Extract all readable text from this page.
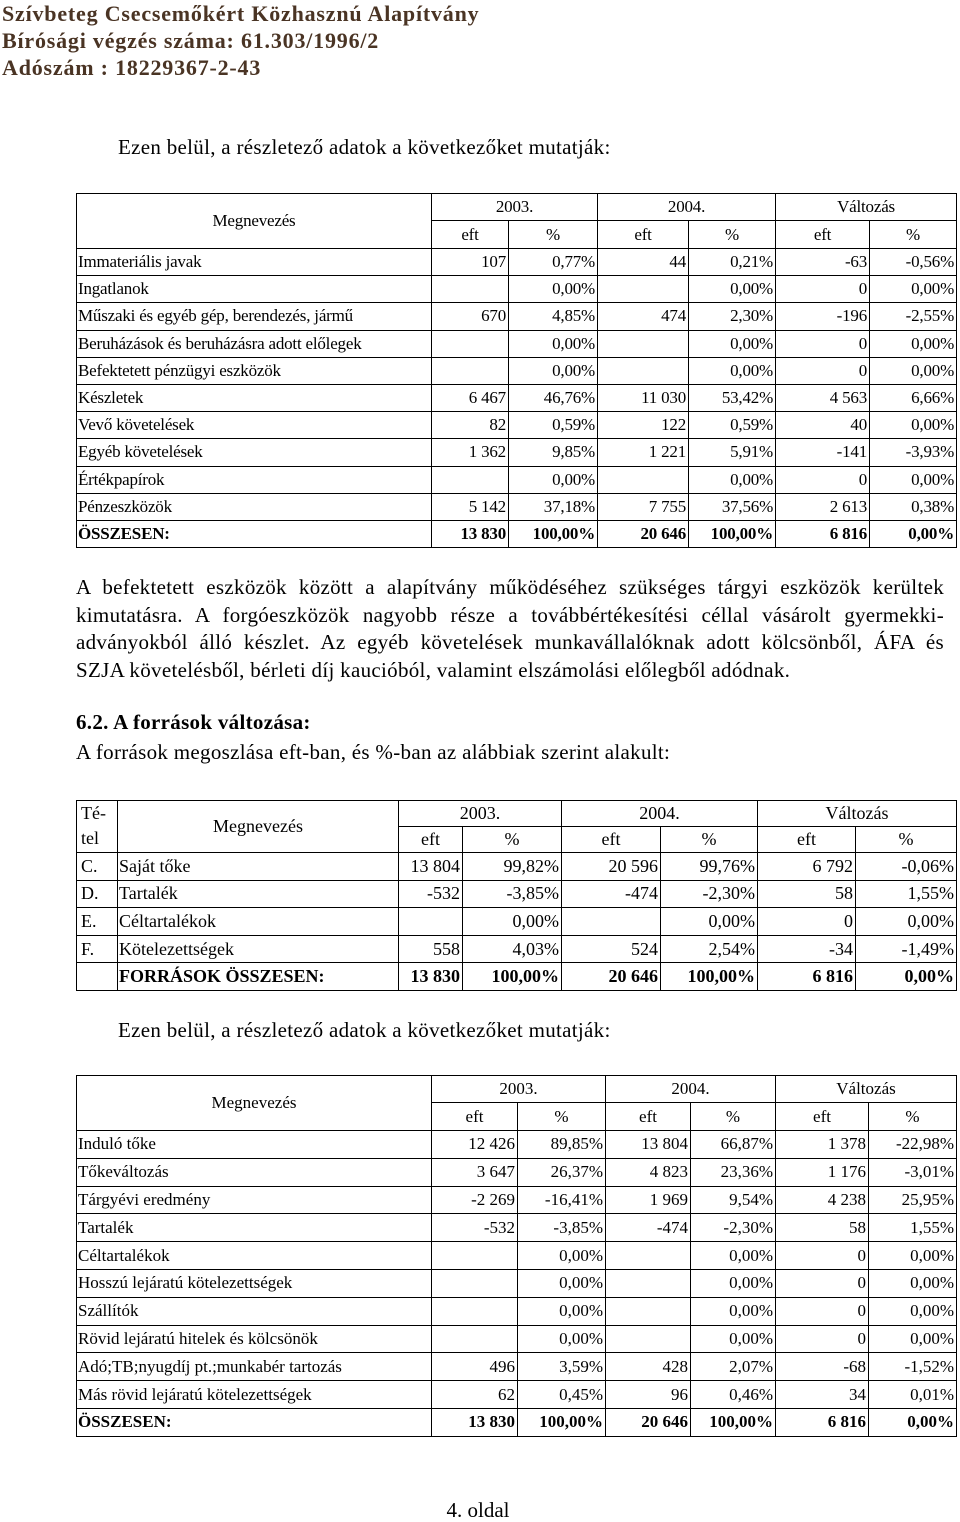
Szívbeteg Csecsemőkért Közhasznú Alapítvány
Bírósági végzés száma: 61.303/1996/2
Adószám : 18229367-2-43
Ezen belül, a részletező adatok a következőket mutatják:
Megnevezés	2003.		2004.		Változás	
	eft	%	eft	%	eft	%
Immateriális javak	107	0,77%	44	0,21%	-63	-0,56%
Ingatlanok		0,00%		0,00%	0	0,00%
Műszaki és egyéb gép, berendezés, jármű	670	4,85%	474	2,30%	-196	-2,55%
Beruházások és beruházásra adott előlegek		0,00%		0,00%	0	0,00%
Befektetett pénzügyi eszközök		0,00%		0,00%	0	0,00%
Készletek	6 467	46,76%	11 030	53,42%	4 563	6,66%
Vevő követelések	82	0,59%	122	0,59%	40	0,00%
Egyéb követelések	1 362	9,85%	1 221	5,91%	-141	-3,93%
Értékpapírok		0,00%		0,00%	0	0,00%
Pénzeszközök	5 142	37,18%	7 755	37,56%	2 613	0,38%
ÖSSZESEN:	13 830	100,00%	20 646	100,00%	6 816	0,00%
A befektetett eszközök között a alapítvány működéséhez szükséges tárgyi eszközök kerültek
kimutatásra. A forgóeszközök nagyobb része a továbbértékesítési céllal vásárolt gyermekki-
adványokból álló készlet. Az egyéb követelések munkavállalóknak adott kölcsönből, ÁFA és
SZJA követelésből, bérleti díj kaucióból, valamint elszámolási előlegből adódnak.
6.2. A források változása:
A források megoszlása eft-ban, és %-ban az alábbiak szerint alakult:
Té-
tel	Megnevezés	2003.		2004.		Változás	
		eft	%	eft	%	eft	%
C.	Saját tőke	13 804	99,82%	20 596	99,76%	6 792	-0,06%
D.	Tartalék	-532	-3,85%	-474	-2,30%	58	1,55%
E.	Céltartalékok		0,00%		0,00%	0	0,00%
F.	Kötelezettségek	558	4,03%	524	2,54%	-34	-1,49%
	FORRÁSOK ÖSSZESEN:	13 830	100,00%	20 646	100,00%	6 816	0,00%
Ezen belül, a részletező adatok a következőket mutatják:
Megnevezés	2003.		2004.		Változás	
	eft	%	eft	%	eft	%
Induló tőke	12 426	89,85%	13 804	66,87%	1 378	-22,98%
Tőkeváltozás	3 647	26,37%	4 823	23,36%	1 176	-3,01%
Tárgyévi eredmény	-2 269	-16,41%	1 969	9,54%	4 238	25,95%
Tartalék	-532	-3,85%	-474	-2,30%	58	1,55%
Céltartalékok		0,00%		0,00%	0	0,00%
Hosszú lejáratú kötelezettségek		0,00%		0,00%	0	0,00%
Szállítók		0,00%		0,00%	0	0,00%
Rövid lejáratú hitelek és kölcsönök		0,00%		0,00%	0	0,00%
Adó;TB;nyugdíj pt.;munkabér tartozás	496	3,59%	428	2,07%	-68	-1,52%
Más rövid lejáratú kötelezettségek	62	0,45%	96	0,46%	34	0,01%
ÖSSZESEN:	13 830	100,00%	20 646	100,00%	6 816	0,00%
4. oldal
